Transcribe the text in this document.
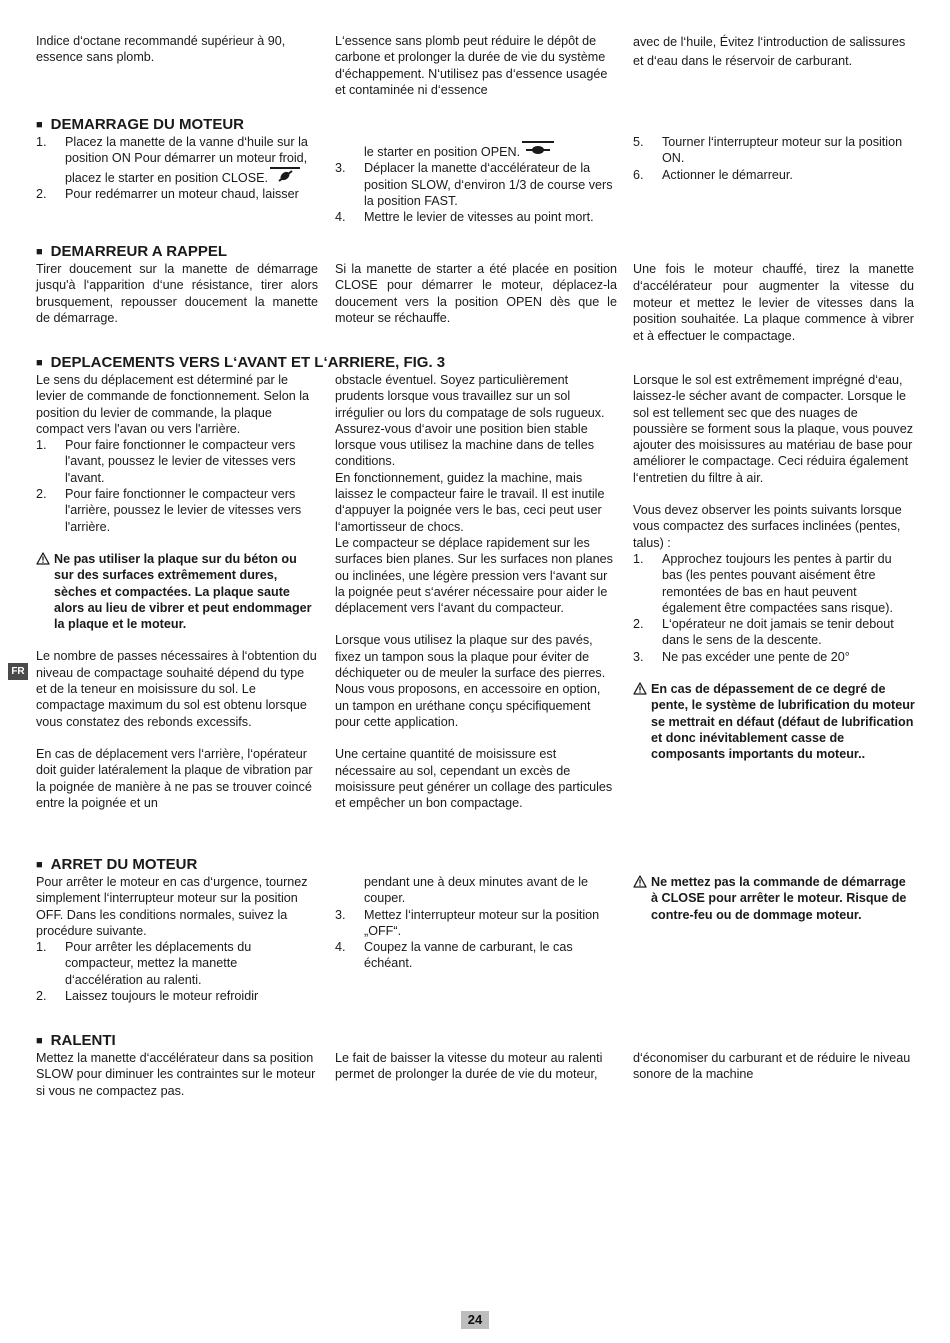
Indice d‘octane recommandé supérieur à 90, essence sans plomb.

L‘essence sans plomb peut réduire le dépôt de carbone et prolonger la durée de vie du système d‘échappement. N‘utilisez pas d‘essence usagée et contaminée ni d‘essence

avec de l‘huile, Évitez l‘introduction de salissures et d‘eau dans le réservoir de carburant.

■ DEMARRAGE DU MOTEUR
1. Placez la manette de la vanne d‘huile sur la position ON Pour démarrer un moteur froid, placez le starter en position CLOSE.
2. Pour redémarrer un moteur chaud, laisser
le starter en position OPEN.
3. Déplacer la manette d‘accélérateur de la position SLOW, d‘environ 1/3 de course vers la position FAST.
4. Mettre le levier de vitesses au point mort.
5. Tourner l‘interrupteur moteur sur la position ON.
6. Actionner le démarreur.
■ DEMARREUR A RAPPEL

Tirer doucement sur la manette de démarrage jusqu'à l‘apparition d‘une résistance, tirer alors brusquement, repousser doucement la manette de démarrage.

Si la manette de starter a été placée en position CLOSE pour démarrer le moteur, déplacez-la doucement vers la position OPEN dès que le moteur se réchauffe.

Une fois le moteur chauffé, tirez la manette d‘accélérateur pour augmenter la vitesse du moteur et mettez le levier de vitesses dans la position souhaitée. La plaque commence à vibrer et à effectuer le compactage.

■ DEPLACEMENTS VERS L‘AVANT ET L‘ARRIERE, FIG. 3

Le sens du déplacement est déterminé par le levier de commande de fonctionnement. Selon la position du levier de commande, la plaque compact vers l'avan ou vers l'arrière.

1. Pour faire fonctionner le compacteur vers l'avant, poussez le levier de vitesses vers l'avant.
2. Pour faire fonctionner le compacteur vers l'arrière, poussez le levier de vitesses vers l'arrière.
Ne pas utiliser la plaque sur du béton ou sur des surfaces extrêmement dures, sèches et compactées. La plaque saute alors au lieu de vibrer et peut endommager la plaque et le moteur.

Le nombre de passes nécessaires à l‘obtention du niveau de compactage souhaité dépend du type et de la teneur en moisissure du sol. Le compactage maximum du sol est obtenu lorsque vous constatez des rebonds excessifs.

En cas de déplacement vers l‘arrière, l‘opérateur doit guider latéralement la plaque de vibration par la poignée de manière à ne pas se trouver coincé entre la poignée et un

obstacle éventuel. Soyez particulièrement prudents lorsque vous travaillez sur un sol irrégulier ou lors du compatage de sols rugueux. Assurez-vous d‘avoir une position bien stable lorsque vous utilisez la machine dans de telles conditions.

En fonctionnement, guidez la machine, mais laissez le compacteur faire le travail. Il est inutile d‘appuyer la poignée vers le bas, ceci peut user l‘amortisseur de chocs.

Le compacteur se déplace rapidement sur les surfaces bien planes. Sur les surfaces non planes ou inclinées, une légère pression vers l‘avant sur la poignée peut s‘avérer nécessaire pour aider le déplacement vers l‘avant du compacteur.

Lorsque vous utilisez la plaque sur des pavés, fixez un tampon sous la plaque pour éviter de déchiqueter ou de meuler la surface des pierres. Nous vous proposons, en accessoire en option, un tampon en uréthane conçu spécifiquement pour cette application.

Une certaine quantité de moisissure est nécessaire au sol, cependant un excès de moisissure peut générer un collage des particules et empêcher un bon compactage.

Lorsque le sol est extrêmement imprégné d‘eau, laissez-le sécher avant de compacter. Lorsque le sol est tellement sec que des nuages de poussière se forment sous la plaque, vous pouvez ajouter des moisissures au matériau de base pour améliorer le compactage. Ceci réduira également l‘entretien du filtre à air.

Vous devez observer les points suivants lorsque vous compactez des surfaces inclinées (pentes, talus) :

1. Approchez toujours les pentes à partir du bas (les pentes pouvant aisément être remontées de bas en haut peuvent également être compactées sans risque).
2. L‘opérateur ne doit jamais se tenir debout dans le sens de la descente.
3. Ne pas excéder une pente de 20°
En cas de dépassement de ce degré de pente, le système de lubrification du moteur se mettrait en défaut (défaut de lubrification et donc inévitablement casse de composants importants du moteur..
■ ARRET DU MOTEUR

Pour arrêter le moteur en cas d‘urgence, tournez simplement l‘interrupteur moteur sur la position OFF. Dans les conditions normales, suivez la procédure suivante.

1. Pour arrêter les déplacements du compacteur, mettez la manette d‘accélération au ralenti.
2. Laissez toujours le moteur refroidir
pendant une à deux minutes avant de le couper.
3. Mettez l‘interrupteur moteur sur la position „OFF“.
4. Coupez la vanne de carburant, le cas échéant.
Ne mettez pas la commande de démarrage à CLOSE pour arrêter le moteur. Risque de contre-feu ou de dommage moteur.
■ RALENTI

Mettez la manette d‘accélérateur dans sa position SLOW pour diminuer les contraintes sur le moteur si vous ne compactez pas.

Le fait de baisser la vitesse du moteur au ralenti permet de prolonger la durée de vie du moteur,

d‘économiser du carburant et de réduire le niveau sonore de la machine

FR
24
